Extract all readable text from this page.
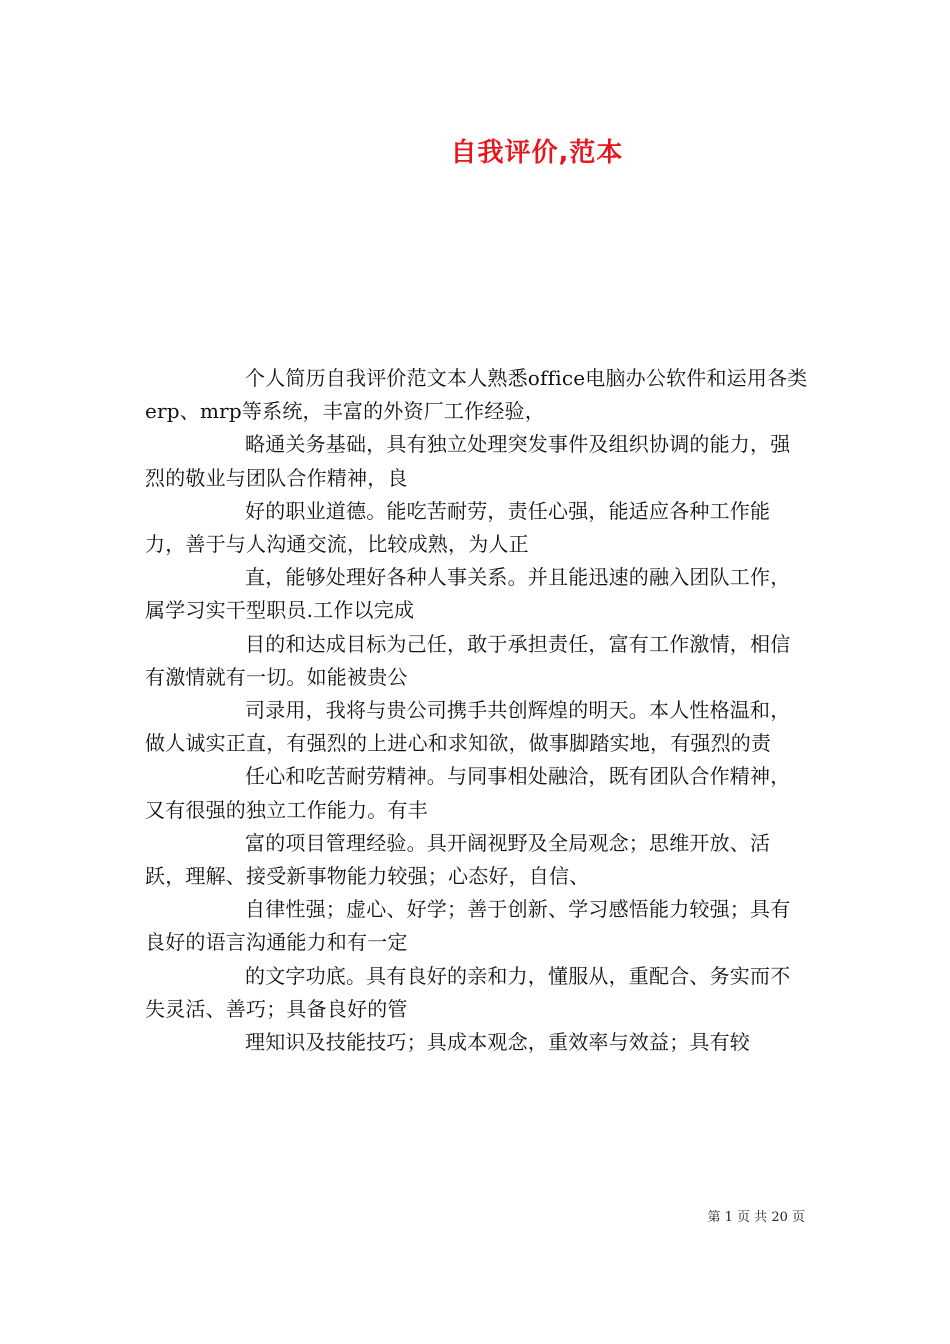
自我评价,范本

个人简历自我评价范文本人熟悉office电脑办公软件和运用各类erp、mrp等系统，丰富的外资厂工作经验，

略通关务基础，具有独立处理突发事件及组织协调的能力，强烈的敬业与团队合作精神，良

好的职业道德。能吃苦耐劳，责任心强，能适应各种工作能力，善于与人沟通交流，比较成熟，为人正

直，能够处理好各种人事关系。并且能迅速的融入团队工作，属学习实干型职员.工作以完成

目的和达成目标为己任，敢于承担责任，富有工作激情，相信有激情就有一切。如能被贵公

司录用，我将与贵公司携手共创辉煌的明天。本人性格温和，做人诚实正直，有强烈的上进心和求知欲，做事脚踏实地，有强烈的责

任心和吃苦耐劳精神。与同事相处融洽，既有团队合作精神，又有很强的独立工作能力。有丰

富的项目管理经验。具开阔视野及全局观念；思维开放、活跃，理解、接受新事物能力较强；心态好，自信、

自律性强；虚心、好学；善于创新、学习感悟能力较强；具有良好的语言沟通能力和有一定

的文字功底。具有良好的亲和力，懂服从，重配合、务实而不失灵活、善巧；具备良好的管

理知识及技能技巧；具成本观念，重效率与效益；具有较

第 1 页 共 20 页
